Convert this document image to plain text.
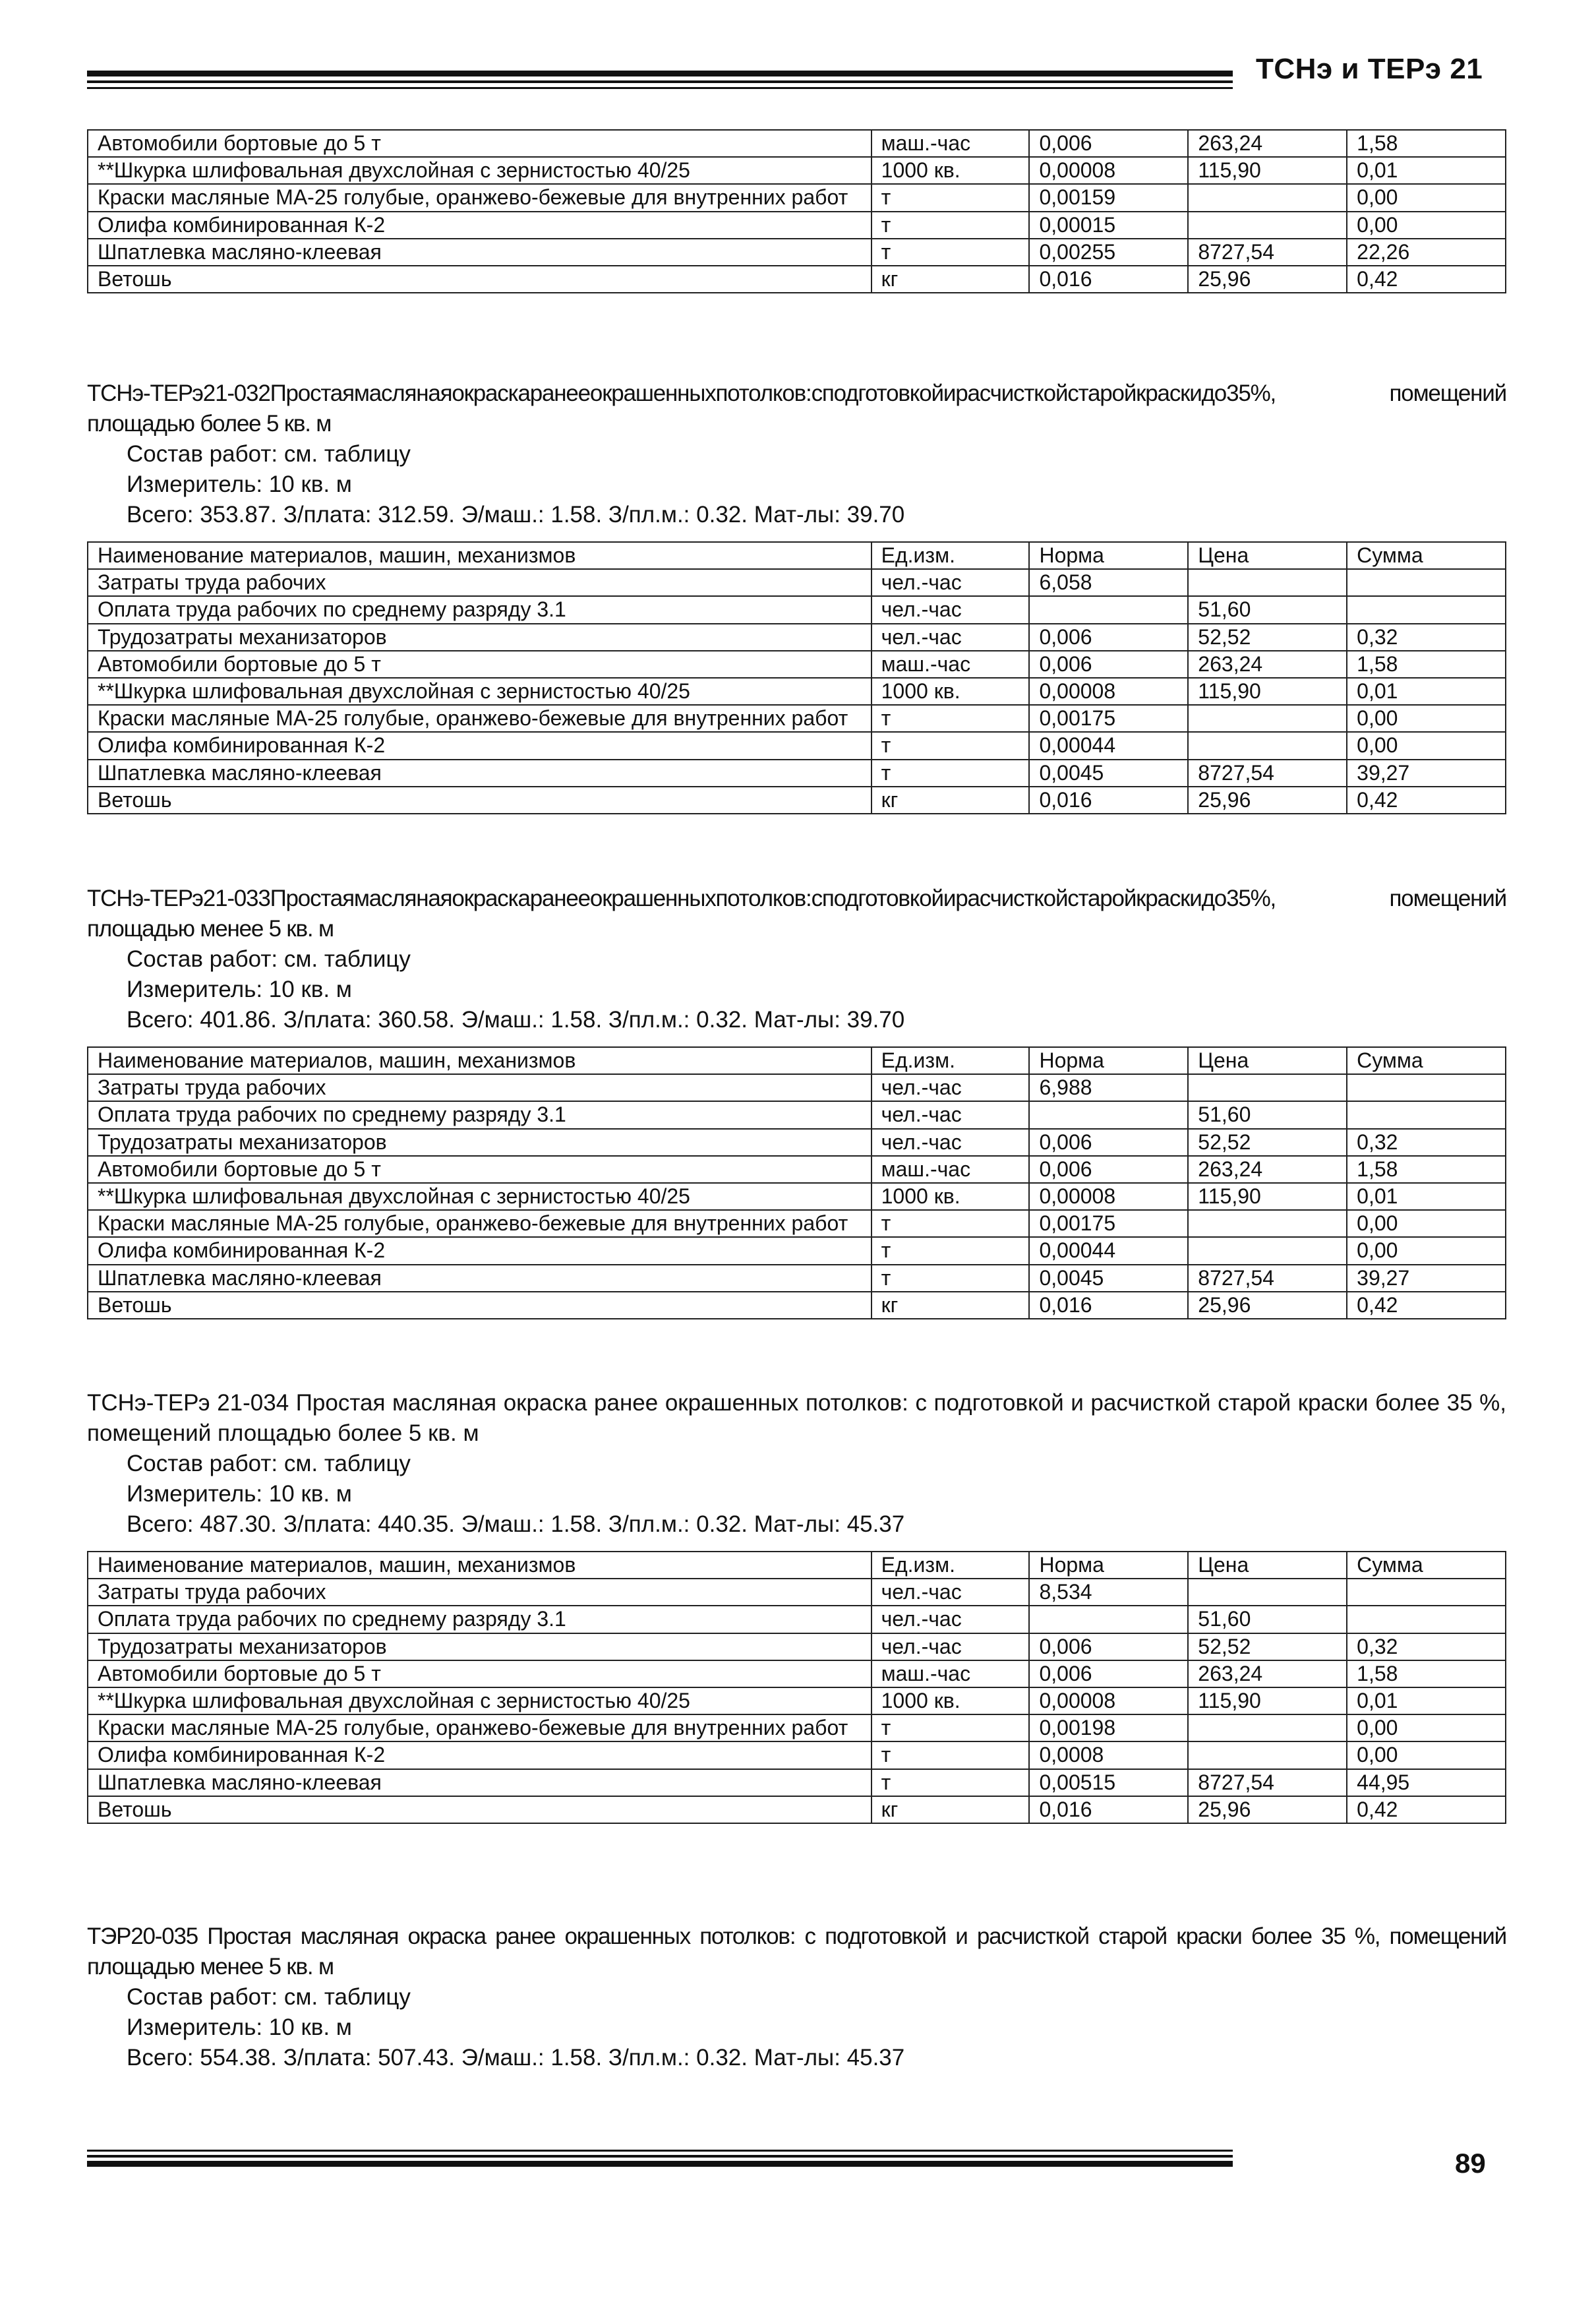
ТСНэ и ТЕРэ 21
Автомобили бортовые до 5 т	маш.-час	0,006	263,24	1,58
**Шкурка шлифовальная двухслойная с зернистостью 40/25	1000 кв.	0,00008	115,90	0,01
Краски масляные МА-25 голубые, оранжево-бежевые для внутренних работ	т	0,00159		0,00
Олифа комбинированная К-2	т	0,00015		0,00
Шпатлевка масляно-клеевая	т	0,00255	8727,54	22,26
Ветошь	кг	0,016	25,96	0,42
ТСНэ-ТЕРэ21-032Простаямаслянаяокраскаранееокрашенныхпотолков:сподготовкойирасчисткойстаройкраскидо35%, помещений площадью более 5 кв. м
Состав работ: см. таблицу
Измеритель: 10 кв. м
Всего: 353.87. З/плата: 312.59. Э/маш.: 1.58. З/пл.м.: 0.32. Мат-лы: 39.70
Наименование материалов, машин, механизмов	Ед.изм.	Норма	Цена	Сумма
Затраты труда рабочих	чел.-час	6,058		
Оплата труда рабочих по среднему разряду 3.1	чел.-час		51,60	
Трудозатраты механизаторов	чел.-час	0,006	52,52	0,32
Автомобили бортовые до 5 т	маш.-час	0,006	263,24	1,58
**Шкурка шлифовальная двухслойная с зернистостью 40/25	1000 кв.	0,00008	115,90	0,01
Краски масляные МА-25 голубые, оранжево-бежевые для внутренних работ	т	0,00175		0,00
Олифа комбинированная К-2	т	0,00044		0,00
Шпатлевка масляно-клеевая	т	0,0045	8727,54	39,27
Ветошь	кг	0,016	25,96	0,42
ТСНэ-ТЕРэ21-033Простаямаслянаяокраскаранееокрашенныхпотолков:сподготовкойирасчисткойстаройкраскидо35%, помещений площадью менее 5 кв. м
Состав работ: см. таблицу
Измеритель: 10 кв. м
Всего: 401.86. З/плата: 360.58. Э/маш.: 1.58. З/пл.м.: 0.32. Мат-лы: 39.70
Наименование материалов, машин, механизмов	Ед.изм.	Норма	Цена	Сумма
Затраты труда рабочих	чел.-час	6,988		
Оплата труда рабочих по среднему разряду 3.1	чел.-час		51,60	
Трудозатраты механизаторов	чел.-час	0,006	52,52	0,32
Автомобили бортовые до 5 т	маш.-час	0,006	263,24	1,58
**Шкурка шлифовальная двухслойная с зернистостью 40/25	1000 кв.	0,00008	115,90	0,01
Краски масляные МА-25 голубые, оранжево-бежевые для внутренних работ	т	0,00175		0,00
Олифа комбинированная К-2	т	0,00044		0,00
Шпатлевка масляно-клеевая	т	0,0045	8727,54	39,27
Ветошь	кг	0,016	25,96	0,42
ТСНэ-ТЕРэ 21-034 Простая масляная окраска ранее окрашенных потолков: с подготовкой и расчисткой старой краски более 35 %, помещений площадью более 5 кв. м
Состав работ: см. таблицу
Измеритель: 10 кв. м
Всего: 487.30. З/плата: 440.35. Э/маш.: 1.58. З/пл.м.: 0.32. Мат-лы: 45.37
Наименование материалов, машин, механизмов	Ед.изм.	Норма	Цена	Сумма
Затраты труда рабочих	чел.-час	8,534		
Оплата труда рабочих по среднему разряду 3.1	чел.-час		51,60	
Трудозатраты механизаторов	чел.-час	0,006	52,52	0,32
Автомобили бортовые до 5 т	маш.-час	0,006	263,24	1,58
**Шкурка шлифовальная двухслойная с зернистостью 40/25	1000 кв.	0,00008	115,90	0,01
Краски масляные МА-25 голубые, оранжево-бежевые для внутренних работ	т	0,00198		0,00
Олифа комбинированная К-2	т	0,0008		0,00
Шпатлевка масляно-клеевая	т	0,00515	8727,54	44,95
Ветошь	кг	0,016	25,96	0,42
ТЭР20-035 Простая масляная окраска ранее окрашенных потолков: с подготовкой и расчисткой старой краски более 35 %, помещений площадью менее 5 кв. м
Состав работ: см. таблицу
Измеритель: 10 кв. м
Всего: 554.38. З/плата: 507.43. Э/маш.: 1.58. З/пл.м.: 0.32. Мат-лы: 45.37
89
